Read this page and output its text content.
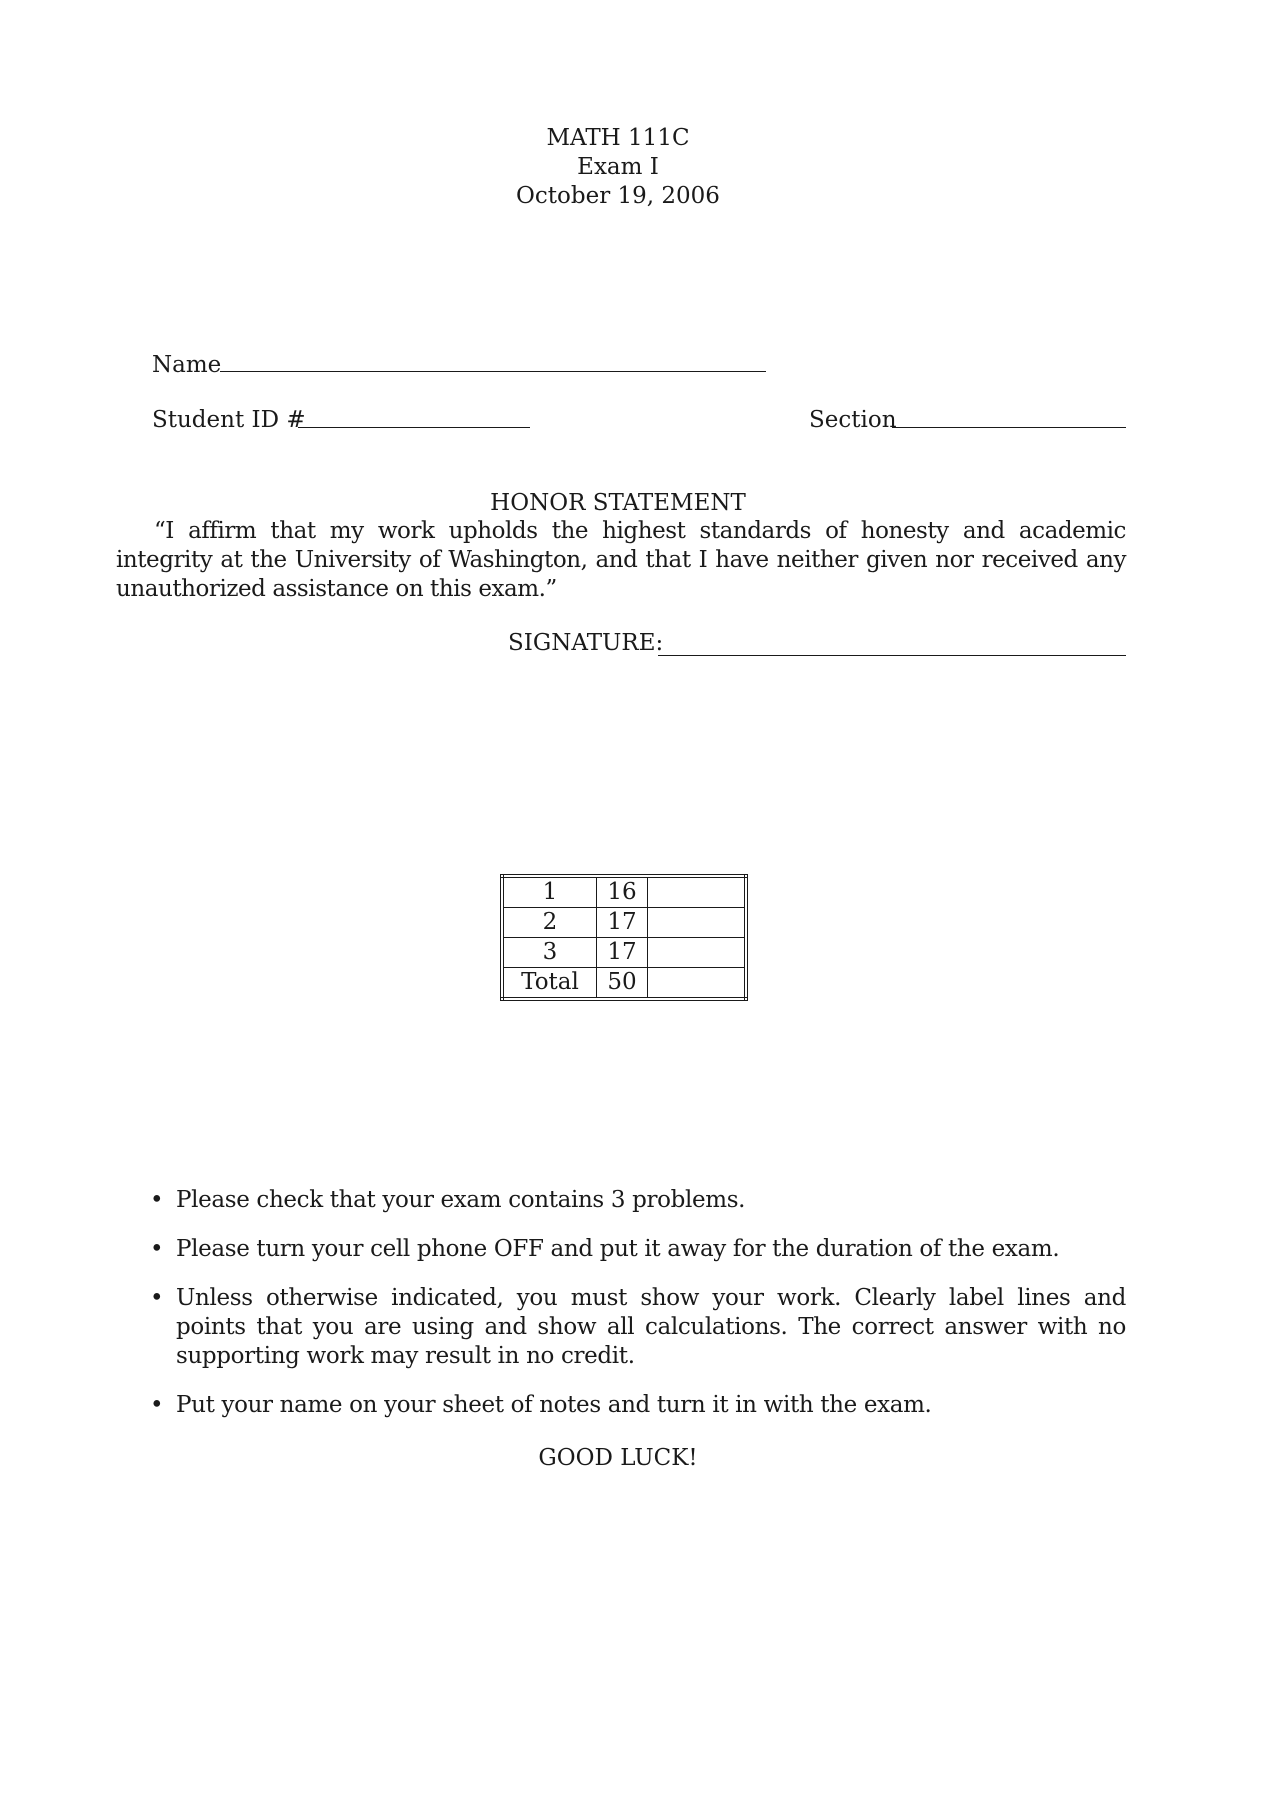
MATH 111C
Exam I
October 19, 2006
Name
Student ID #	Section
HONOR STATEMENT
“I affirm that my work upholds the highest standards of honesty and academic integrity at the University of Washington, and that I have neither given nor received any unauthorized assistance on this exam.”
SIGNATURE:
1	16	
2	17	
3	17	
Total	50	
• Please check that your exam contains 3 problems.
• Please turn your cell phone OFF and put it away for the duration of the exam.
• Unless otherwise indicated, you must show your work. Clearly label lines and points that you are using and show all calculations. The correct answer with no supporting work may result in no credit.
• Put your name on your sheet of notes and turn it in with the exam.
GOOD LUCK!
